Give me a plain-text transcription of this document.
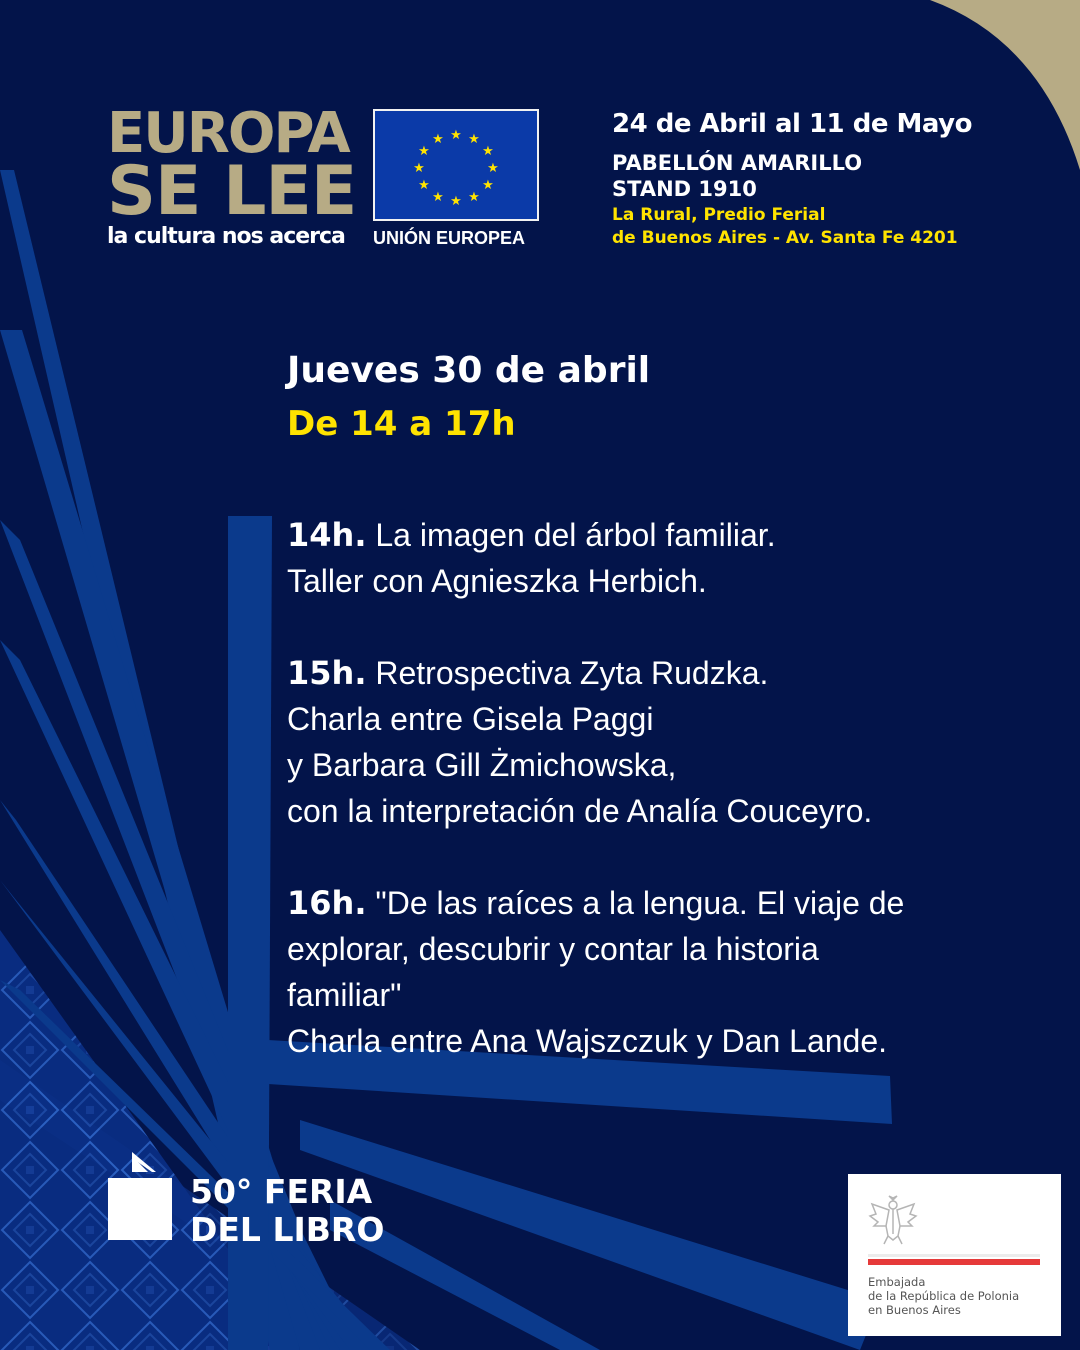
EUROPA
SE LEE
la cultura nos acerca
★ ★
★
★
★
★
★
★
★
★
★
★
UNIÓN EUROPEA
24 de Abril al 11 de Mayo
PABELLÓN AMARILLO
STAND 1910
La Rural, Predio Ferial
de Buenos Aires - Av. Santa Fe 4201
Jueves 30 de abril
De 14 a 17h
14h. La imagen del árbol familiar.
Taller con Agnieszka Herbich.
15h. Retrospectiva Zyta Rudzka.
Charla entre Gisela Paggi
y Barbara Gill Żmichowska,
con la interpretación de Analía Couceyro.
16h. "De las raíces a la lengua. El viaje de
explorar, descubrir y contar la historia
familiar"
Charla entre Ana Wajszczuk y Dan Lande.
50° FERIA
DEL LIBRO
Embajada
de la República de Polonia
en Buenos Aires
